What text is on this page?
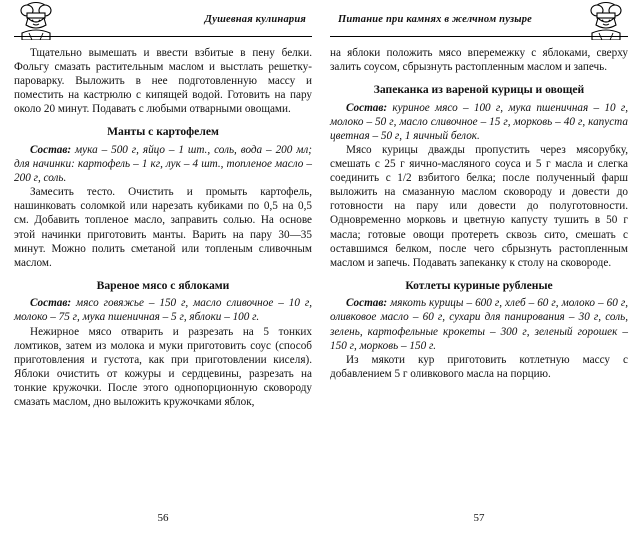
Душевная кулинария

Тщательно вымешать и ввести взбитые в пену белки. Фольгу смазать растительным маслом и выстлать решетку-пароварку. Выложить в нее подготовленную массу и поместить на кастрюлю с кипящей водой. Готовить на пару около 20 минут. Подавать с любыми отварными овощами.

Манты с картофелем

Состав: мука – 500 г, яйцо – 1 шт., соль, вода – 200 мл; для начинки: картофель – 1 кг, лук – 4 шт., топленое масло – 200 г, соль.

Замесить тесто. Очистить и промыть картофель, нашинковать соломкой или нарезать кубиками по 0,5 на 0,5 см. Добавить топленое масло, заправить солью. На основе этой начинки приготовить манты. Варить на пару 30—35 минут. Можно полить сметаной или топленым сливочным маслом.

Вареное мясо с яблоками

Состав: мясо говяжье – 150 г, масло сливочное – 10 г, молоко – 75 г, мука пшеничная – 5 г, яблоки – 100 г.

Нежирное мясо отварить и разрезать на 5 тонких ломтиков, затем из молока и муки приготовить соус (способ приготовления и густота, как при приготовлении киселя). Яблоки очистить от кожуры и сердцевины, разрезать на тонкие кружочки. После этого однопорционную сковороду смазать маслом, дно выложить кружочками яблок,

56
Питание при камнях в желчном пузыре

на яблоки положить мясо вперемежку с яблоками, сверху залить соусом, сбрызнуть растопленным маслом и запечь.

Запеканка из вареной курицы и овощей

Состав: куриное мясо – 100 г, мука пшеничная – 10 г, молоко – 50 г, масло сливочное – 15 г, морковь – 40 г, капуста цветная – 50 г, 1 яичный белок.

Мясо курицы дважды пропустить через мясорубку, смешать с 25 г яично-масляного соуса и 5 г масла и слегка соединить с 1/2 взбитого белка; после полученный фарш выложить на смазанную маслом сковороду и довести до готовности на пару или довести до полуготовности. Одновременно морковь и цветную капусту тушить в 50 г масла; готовые овощи протереть сквозь сито, смешать с оставшимся белком, после чего сбрызнуть растопленным маслом и запечь. Подавать запеканку к столу на сковороде.

Котлеты куриные рубленые

Состав: мякоть курицы – 600 г, хлеб – 60 г, молоко – 60 г, оливковое масло – 60 г, сухари для панирования – 30 г, соль, зелень, картофельные крокеты – 300 г, зеленый горошек – 150 г, морковь – 150 г.

Из мякоти кур приготовить котлетную массу с добавлением 5 г оливкового масла на порцию.

57
